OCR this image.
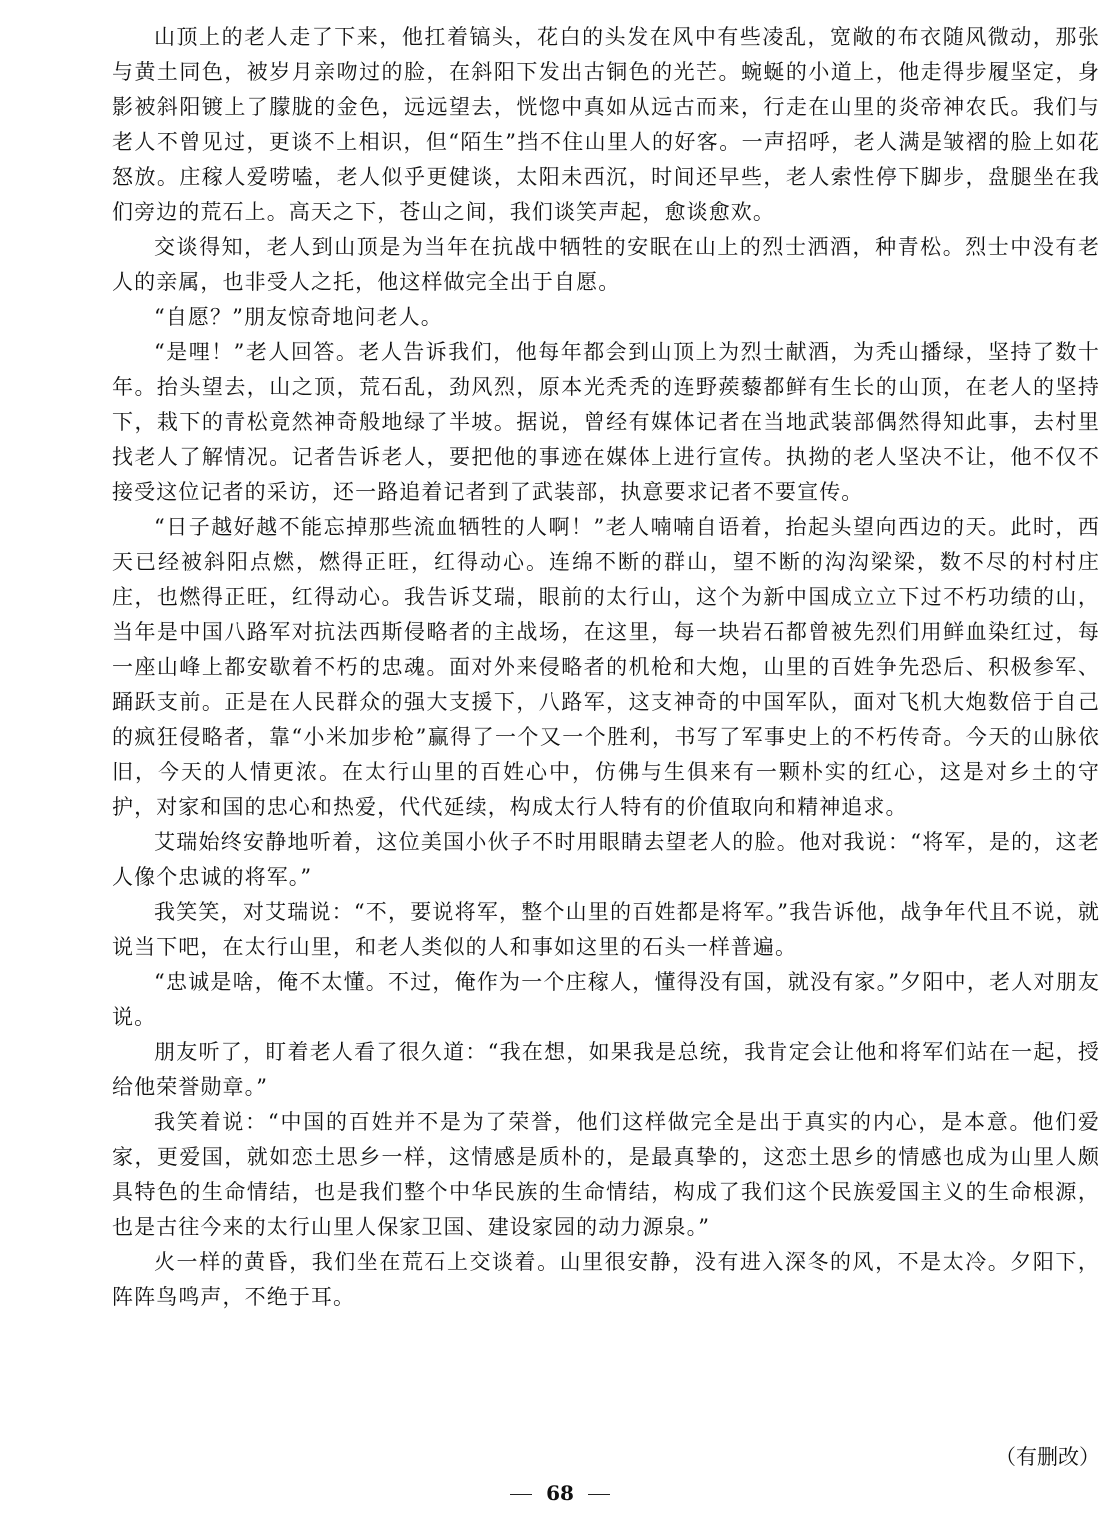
山顶上的老人走了下来，他扛着镐头，花白的头发在风中有些凌乱，宽敞的布衣随风微动，那张与黄土同色，被岁月亲吻过的脸，在斜阳下发出古铜色的光芒。蜿蜒的小道上，他走得步履坚定，身影被斜阳镀上了朦胧的金色，远远望去，恍惚中真如从远古而来，行走在山里的炎帝神农氏。我们与老人不曾见过，更谈不上相识，但“陌生”挡不住山里人的好客。一声招呼，老人满是皱褶的脸上如花怒放。庄稼人爱唠嗑，老人似乎更健谈，太阳未西沉，时间还早些，老人索性停下脚步，盘腿坐在我们旁边的荒石上。高天之下，苍山之间，我们谈笑声起，愈谈愈欢。

交谈得知，老人到山顶是为当年在抗战中牺牲的安眠在山上的烈士洒酒，种青松。烈士中没有老人的亲属，也非受人之托，他这样做完全出于自愿。

“自愿？”朋友惊奇地问老人。

“是哩！”老人回答。老人告诉我们，他每年都会到山顶上为烈士献酒，为秃山播绿，坚持了数十年。抬头望去，山之顶，荒石乱，劲风烈，原本光秃秃的连野蒺藜都鲜有生长的山顶，在老人的坚持下，栽下的青松竟然神奇般地绿了半坡。据说，曾经有媒体记者在当地武装部偶然得知此事，去村里找老人了解情况。记者告诉老人，要把他的事迹在媒体上进行宣传。执拗的老人坚决不让，他不仅不接受这位记者的采访，还一路追着记者到了武装部，执意要求记者不要宣传。

“日子越好越不能忘掉那些流血牺牲的人啊！”老人喃喃自语着，抬起头望向西边的天。此时，西天已经被斜阳点燃，燃得正旺，红得动心。连绵不断的群山，望不断的沟沟梁梁，数不尽的村村庄庄，也燃得正旺，红得动心。我告诉艾瑞，眼前的太行山，这个为新中国成立立下过不朽功绩的山，当年是中国八路军对抗法西斯侵略者的主战场，在这里，每一块岩石都曾被先烈们用鲜血染红过，每一座山峰上都安歇着不朽的忠魂。面对外来侵略者的机枪和大炮，山里的百姓争先恐后、积极参军、踊跃支前。正是在人民群众的强大支援下，八路军，这支神奇的中国军队，面对飞机大炮数倍于自己的疯狂侵略者，靠“小米加步枪”赢得了一个又一个胜利，书写了军事史上的不朽传奇。今天的山脉依旧，今天的人情更浓。在太行山里的百姓心中，仿佛与生俱来有一颗朴实的红心，这是对乡土的守护，对家和国的忠心和热爱，代代延续，构成太行人特有的价值取向和精神追求。

艾瑞始终安静地听着，这位美国小伙子不时用眼睛去望老人的脸。他对我说：“将军，是的，这老人像个忠诚的将军。”

我笑笑，对艾瑞说：“不，要说将军，整个山里的百姓都是将军。”我告诉他，战争年代且不说，就说当下吧，在太行山里，和老人类似的人和事如这里的石头一样普遍。

“忠诚是啥，俺不太懂。不过，俺作为一个庄稼人，懂得没有国，就没有家。”夕阳中，老人对朋友说。

朋友听了，盯着老人看了很久道：“我在想，如果我是总统，我肯定会让他和将军们站在一起，授给他荣誉勋章。”

我笑着说：“中国的百姓并不是为了荣誉，他们这样做完全是出于真实的内心，是本意。他们爱家，更爱国，就如恋土思乡一样，这情感是质朴的，是最真挚的，这恋土思乡的情感也成为山里人颇具特色的生命情结，也是我们整个中华民族的生命情结，构成了我们这个民族爱国主义的生命根源，也是古往今来的太行山里人保家卫国、建设家园的动力源泉。”

火一样的黄昏，我们坐在荒石上交谈着。山里很安静，没有进入深冬的风，不是太冷。夕阳下，阵阵鸟鸣声，不绝于耳。

（有删改）

68
